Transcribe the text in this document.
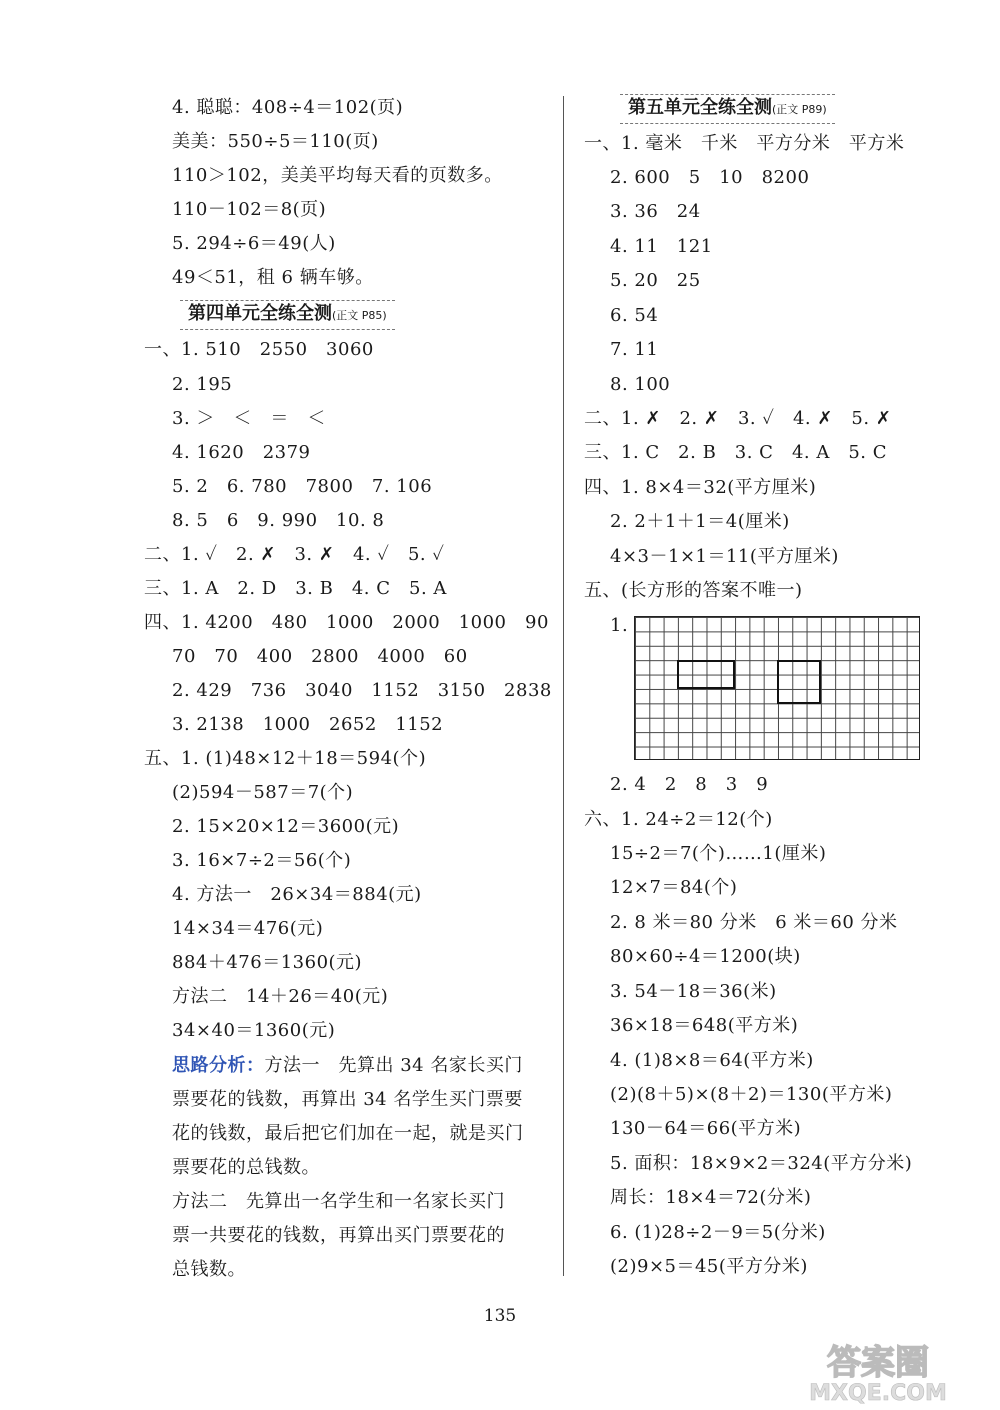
4. 聪聪：408÷4＝102(页)
美美：550÷5＝110(页)
110＞102，美美平均每天看的页数多。
110－102＝8(页)
5. 294÷6＝49(人)
49＜51，租 6 辆车够。
第四单元全练全测(正文 P85)
一、1. 510　2550　3060
2. 195
3. ＞　＜　＝　＜
4. 1620　2379
5. 2　6. 780　7800　7. 106
8. 5　6　9. 990　10. 8
二、1. ✓　2. ✗　3. ✗　4. ✓　5. ✓
三、1. A　2. D　3. B　4. C　5. A
四、1. 4200　480　1000　2000　1000　90
70　70　400　2800　4000　60
2. 429　736　3040　1152　3150　2838
3. 2138　1000　2652　1152
五、1. (1)48×12＋18＝594(个)
(2)594－587＝7(个)
2. 15×20×12＝3600(元)
3. 16×7÷2＝56(个)
4. 方法一　26×34＝884(元)
14×34＝476(元)
884＋476＝1360(元)
方法二　14＋26＝40(元)
34×40＝1360(元)
思路分析：方法一　先算出 34 名家长买门
票要花的钱数，再算出 34 名学生买门票要
花的钱数，最后把它们加在一起，就是买门
票要花的总钱数。
方法二　先算出一名学生和一名家长买门
票一共要花的钱数，再算出买门票要花的
总钱数。
第五单元全练全测(正文 P89)
一、1. 毫米　千米　平方分米　平方米
2. 600　5　10　8200
3. 36　24
4. 11　121
5. 20　25
6. 54
7. 11
8. 100
二、1. ✗　2. ✗　3. ✓　4. ✗　5. ✗
三、1. C　2. B　3. C　4. A　5. C
四、1. 8×4＝32(平方厘米)
2. 2＋1＋1＝4(厘米)
4×3－1×1＝11(平方厘米)
五、(长方形的答案不唯一)
1.
2. 4　2　8　3　9
六、1. 24÷2＝12(个)
15÷2＝7(个)……1(厘米)
12×7＝84(个)
2. 8 米＝80 分米　6 米＝60 分米
80×60÷4＝1200(块)
3. 54－18＝36(米)
36×18＝648(平方米)
4. (1)8×8＝64(平方米)
(2)(8＋5)×(8＋2)＝130(平方米)
130－64＝66(平方米)
5. 面积：18×9×2＝324(平方分米)
周长：18×4＝72(分米)
6. (1)28÷2－9＝5(分米)
(2)9×5＝45(平方分米)
135
答案圈
MXQE.COM
